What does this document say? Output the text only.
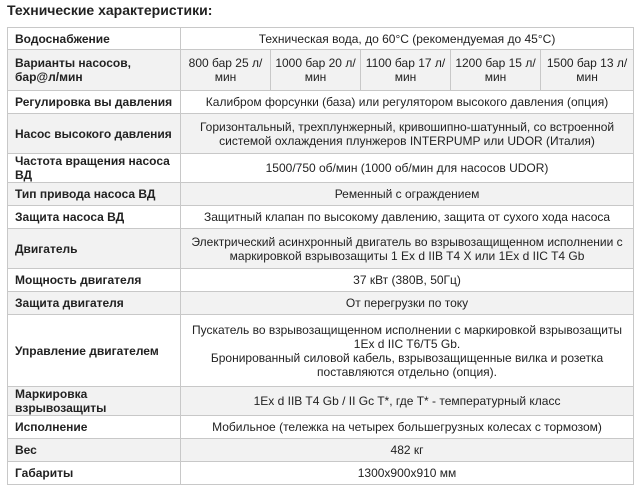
Технические характеристики:
Водоснабжение	Техническая вода, до 60°С (рекомендуемая до 45°С)				
Варианты насосов, бар@л/мин	800 бар 25 л/мин	1000 бар 20 л/мин	1100 бар 17 л/мин	1200 бар 15 л/мин	1500 бар 13 л/мин
Регулировка вы давления	Калибром форсунки (база) или регулятором высокого давления (опция)				
Насос высокого давления	Горизонтальный, трехплунжерный, кривошипно-шатунный, со встроенной системой охлаждения плунжеров INTERPUMP или UDOR (Италия)				
Частота вращения насоса ВД	1500/750 об/мин (1000 об/мин для насосов UDOR)				
Тип привода насоса ВД	Ременный с ограждением				
Защита насоса ВД	Защитный клапан по высокому давлению, защита от сухого хода насоса				
Двигатель	Электрический асинхронный двигатель во взрывозащищенном исполнении с маркировкой взрывозащиты 1 Ex d IIB T4 X или 1Ex d IIC T4 Gb				
Мощность двигателя	37 кВт (380В, 50Гц)				
Защита двигателя	От перегрузки по току				
Управление двигателем	Пускатель во взрывозащищенном исполнении с маркировкой взрывозащиты 1Ex d IIC T6/T5 Gb.
Бронированный силовой кабель, взрывозащищенные вилка и розетка поставляются отдельно (опция).				

Маркировка взрывозащиты	1Ex d IIB T4 Gb / II Gc T*, где T* - температурный класс				
Исполнение	Мобильное (тележка на четырех большегрузных колесах с тормозом)				
Вес	482 кг				
Габариты	1300х900х910 мм				
